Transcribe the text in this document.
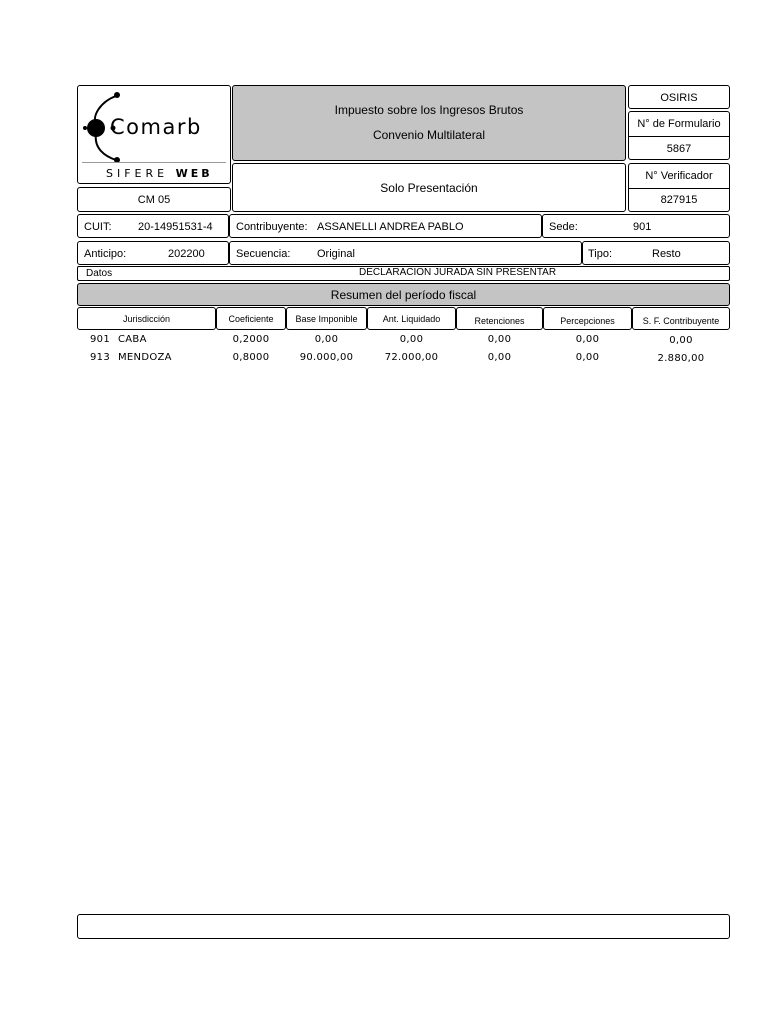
Comarb
SIFERE WEB
CM 05
Impuesto sobre los Ingresos Brutos
Convenio Multilateral
Solo Presentación
OSIRIS
N° de Formulario
5867
N° Verificador
827915
CUIT: 20-14951531-4 Contribuyente: ASSANELLI ANDREA PABLO	Sede:	901
Anticipo:	202200	Secuencia: Original	Tipo:	Resto
Datos	DECLARACION JURADA SIN PRESENTAR
Resumen del período fiscal
Jurisdicción	Coeficiente	Base Imponible	Ant. Liquidado	Retenciones	Percepciones	S. F. Contribuyente
901 CABA	0,2000	0,00	0,00	0,00	0,00	0,00
913 MENDOZA	0,8000	90.000,00	72.000,00	0,00	0,00	2.880,00
